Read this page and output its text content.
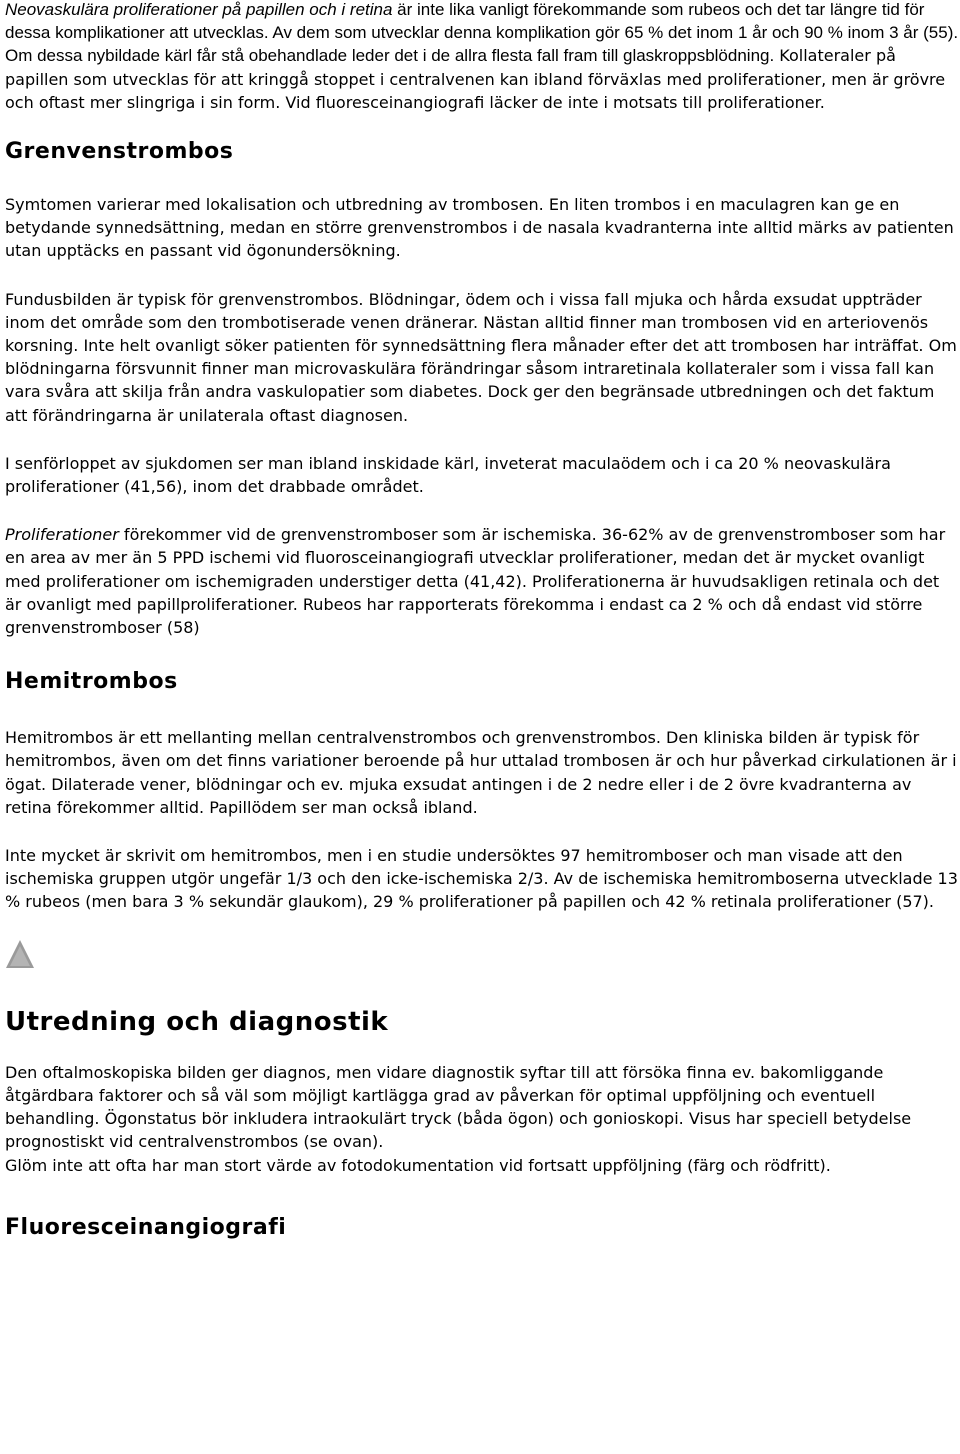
Neovaskulära proliferationer på papillen och i retina är inte lika vanligt förekommande som rubeos och det tar längre tid för dessa komplikationer att utvecklas. Av dem som utvecklar denna komplikation gör 65 % det inom 1 år och 90 % inom 3 år (55). Om dessa nybildade kärl får stå obehandlade leder det i de allra flesta fall fram till glaskroppsblödning. Kollateraler på papillen som utvecklas för att kringgå stoppet i centralvenen kan ibland förväxlas med proliferationer, men är grövre och oftast mer slingriga i sin form. Vid fluoresceinangiografi läcker de inte i motsats till proliferationer.

Grenvenstrombos

Symtomen varierar med lokalisation och utbredning av trombosen. En liten trombos i en maculagren kan ge en betydande synnedsättning, medan en större grenvenstrombos i de nasala kvadranterna inte alltid märks av patienten utan upptäcks en passant vid ögonundersökning.

Fundusbilden är typisk för grenvenstrombos. Blödningar, ödem och i vissa fall mjuka och hårda exsudat uppträder inom det område som den trombotiserade venen dränerar. Nästan alltid finner man trombosen vid en arteriovenös korsning. Inte helt ovanligt söker patienten för synnedsättning flera månader efter det att trombosen har inträffat. Om blödningarna försvunnit finner man microvaskulära förändringar såsom intraretinala kollateraler som i vissa fall kan vara svåra att skilja från andra vaskulopatier som diabetes. Dock ger den begränsade utbredningen och det faktum att förändringarna är unilaterala oftast diagnosen.

I senförloppet av sjukdomen ser man ibland inskidade kärl, inveterat maculaödem och i ca 20 % neovaskulära proliferationer (41,56), inom det drabbade området.

Proliferationer förekommer vid de grenvenstromboser som är ischemiska. 36-62% av de grenvenstromboser som har en area av mer än 5 PPD ischemi vid fluorosceinangiografi utvecklar proliferationer, medan det är mycket ovanligt med proliferationer om ischemigraden understiger detta (41,42). Proliferationerna är huvudsakligen retinala och det är ovanligt med papillproliferationer. Rubeos har rapporterats förekomma i endast ca 2 % och då endast vid större grenvenstromboser (58)

Hemitrombos

Hemitrombos är ett mellanting mellan centralvenstrombos och grenvenstrombos. Den kliniska bilden är typisk för hemitrombos, även om det finns variationer beroende på hur uttalad trombosen är och hur påverkad cirkulationen är i ögat. Dilaterade vener, blödningar och ev. mjuka exsudat antingen i de 2 nedre eller i de 2 övre kvadranterna av retina förekommer alltid. Papillödem ser man också ibland.

Inte mycket är skrivit om hemitrombos, men i en studie undersöktes 97 hemitromboser och man visade att den ischemiska gruppen utgör ungefär 1/3 och den icke-ischemiska 2/3. Av de ischemiska hemitromboserna utvecklade 13 % rubeos (men bara 3 % sekundär glaukom), 29 % proliferationer på papillen och 42 % retinala proliferationer (57).

Utredning och diagnostik

Den oftalmoskopiska bilden ger diagnos, men vidare diagnostik syftar till att försöka finna ev. bakomliggande åtgärdbara faktorer och så väl som möjligt kartlägga grad av påverkan för optimal uppföljning och eventuell behandling. Ögonstatus bör inkludera intraokulärt tryck (båda ögon) och gonioskopi. Visus har speciell betydelse prognostiskt vid centralvenstrombos (se ovan).
Glöm inte att ofta har man stort värde av fotodokumentation vid fortsatt uppföljning (färg och rödfritt).

Fluoresceinangiografi
